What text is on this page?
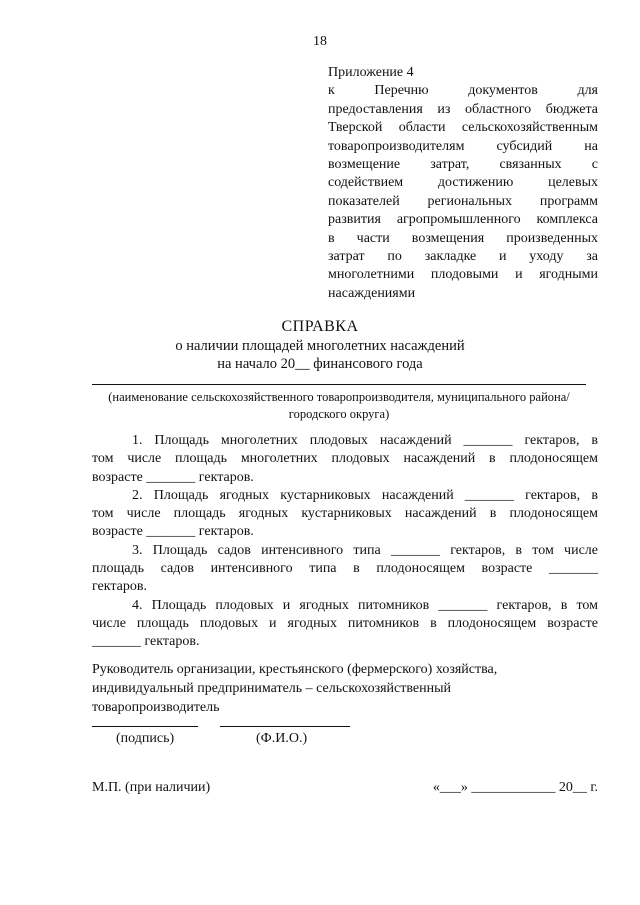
18
Приложение 4
к Перечню документов для
предоставления из областного бюджета
Тверской области сельскохозяйственным
товаропроизводителям субсидий на
возмещение затрат, связанных с
содействием достижению целевых
показателей региональных программ
развития агропромышленного комплекса
в части возмещения произведенных
затрат по закладке и уходу за
многолетними плодовыми и ягодными
насаждениями
СПРАВКА
о наличии площадей многолетних насаждений
на начало 20__ финансового года
(наименование сельскохозяйственного товаропроизводителя, муниципального района/
городского округа)
1. Площадь многолетних плодовых насаждений _______ гектаров, в
том числе площадь многолетних плодовых насаждений в плодоносящем
возрасте _______ гектаров.
2. Площадь ягодных кустарниковых насаждений _______ гектаров, в
том числе площадь ягодных кустарниковых насаждений в плодоносящем
возрасте _______ гектаров.
3. Площадь садов интенсивного типа _______ гектаров, в том числе
площадь садов интенсивного типа в плодоносящем возрасте _______
гектаров.
4. Площадь плодовых и ягодных питомников _______ гектаров, в том
числе площадь плодовых и ягодных питомников в плодоносящем возрасте
_______ гектаров.
Руководитель организации, крестьянского (фермерского) хозяйства,
индивидуальный предприниматель – сельскохозяйственный
товаропроизводитель
(подпись)	(Ф.И.О.)
М.П. (при наличии)	«___» ____________ 20__ г.
